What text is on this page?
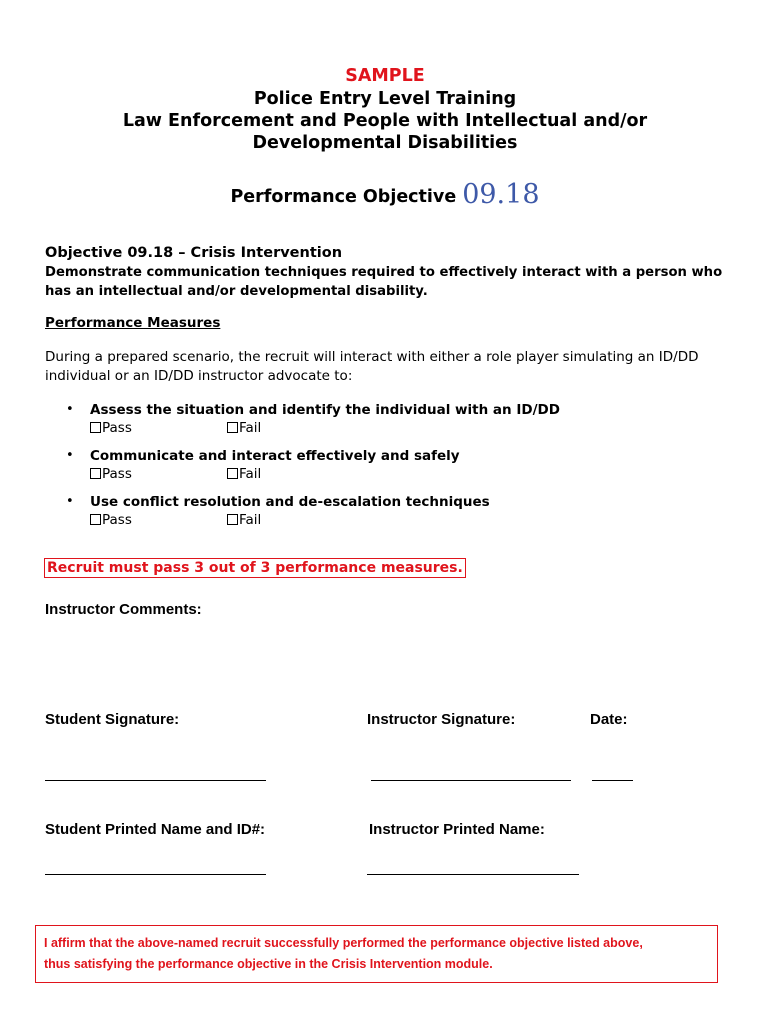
SAMPLE
Police Entry Level Training
Law Enforcement and People with Intellectual and/or
Developmental Disabilities
Performance Objective 09.18
Objective 09.18 – Crisis Intervention
Demonstrate communication techniques required to effectively interact with a person who has an intellectual and/or developmental disability.
Performance Measures
During a prepared scenario, the recruit will interact with either a role player simulating an ID/DD individual or an ID/DD instructor advocate to:
• Assess the situation and identify the individual with an ID/DD
Pass	Fail
• Communicate and interact effectively and safely
Pass	Fail
• Use conflict resolution and de-escalation techniques
Pass	Fail
Recruit must pass 3 out of 3 performance measures.
Instructor Comments:
Student Signature:	Instructor Signature:	Date:
Student Printed Name and ID#:	Instructor Printed Name:
I affirm that the above-named recruit successfully performed the performance objective listed above,
thus satisfying the performance objective in the Crisis Intervention module.
